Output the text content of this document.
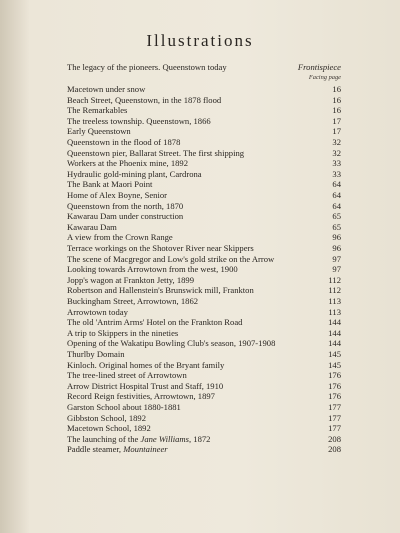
Illustrations
The legacy of the pioneers. Queenstown today	Frontispiece
Facing page
Macetown under snow	16
Beach Street, Queenstown, in the 1878 flood	16
The Remarkables	16
The treeless township. Queenstown, 1866	17
Early Queenstown	17
Queenstown in the flood of 1878	32
Queenstown pier, Ballarat Street. The first shipping	32
Workers at the Phoenix mine, 1892	33
Hydraulic gold-mining plant, Cardrona	33
The Bank at Maori Point	64
Home of Alex Boyne, Senior	64
Queenstown from the north, 1870	64
Kawarau Dam under construction	65
Kawarau Dam	65
A view from the Crown Range	96
Terrace workings on the Shotover River near Skippers	96
The scene of Macgregor and Low's gold strike on the Arrow	97
Looking towards Arrowtown from the west, 1900	97
Jopp's wagon at Frankton Jetty, 1899	112
Robertson and Hallenstein's Brunswick mill, Frankton	112
Buckingham Street, Arrowtown, 1862	113
Arrowtown today	113
The old 'Antrim Arms' Hotel on the Frankton Road	144
A trip to Skippers in the nineties	144
Opening of the Wakatipu Bowling Club's season, 1907-1908	144
Thurlby Domain	145
Kinloch. Original homes of the Bryant family	145
The tree-lined street of Arrowtown	176
Arrow District Hospital Trust and Staff, 1910	176
Record Reign festivities, Arrowtown, 1897	176
Garston School about 1880-1881	177
Gibbston School, 1892	177
Macetown School, 1892	177
The launching of the Jane Williams, 1872	208
Paddle steamer, Mountaineer	208
